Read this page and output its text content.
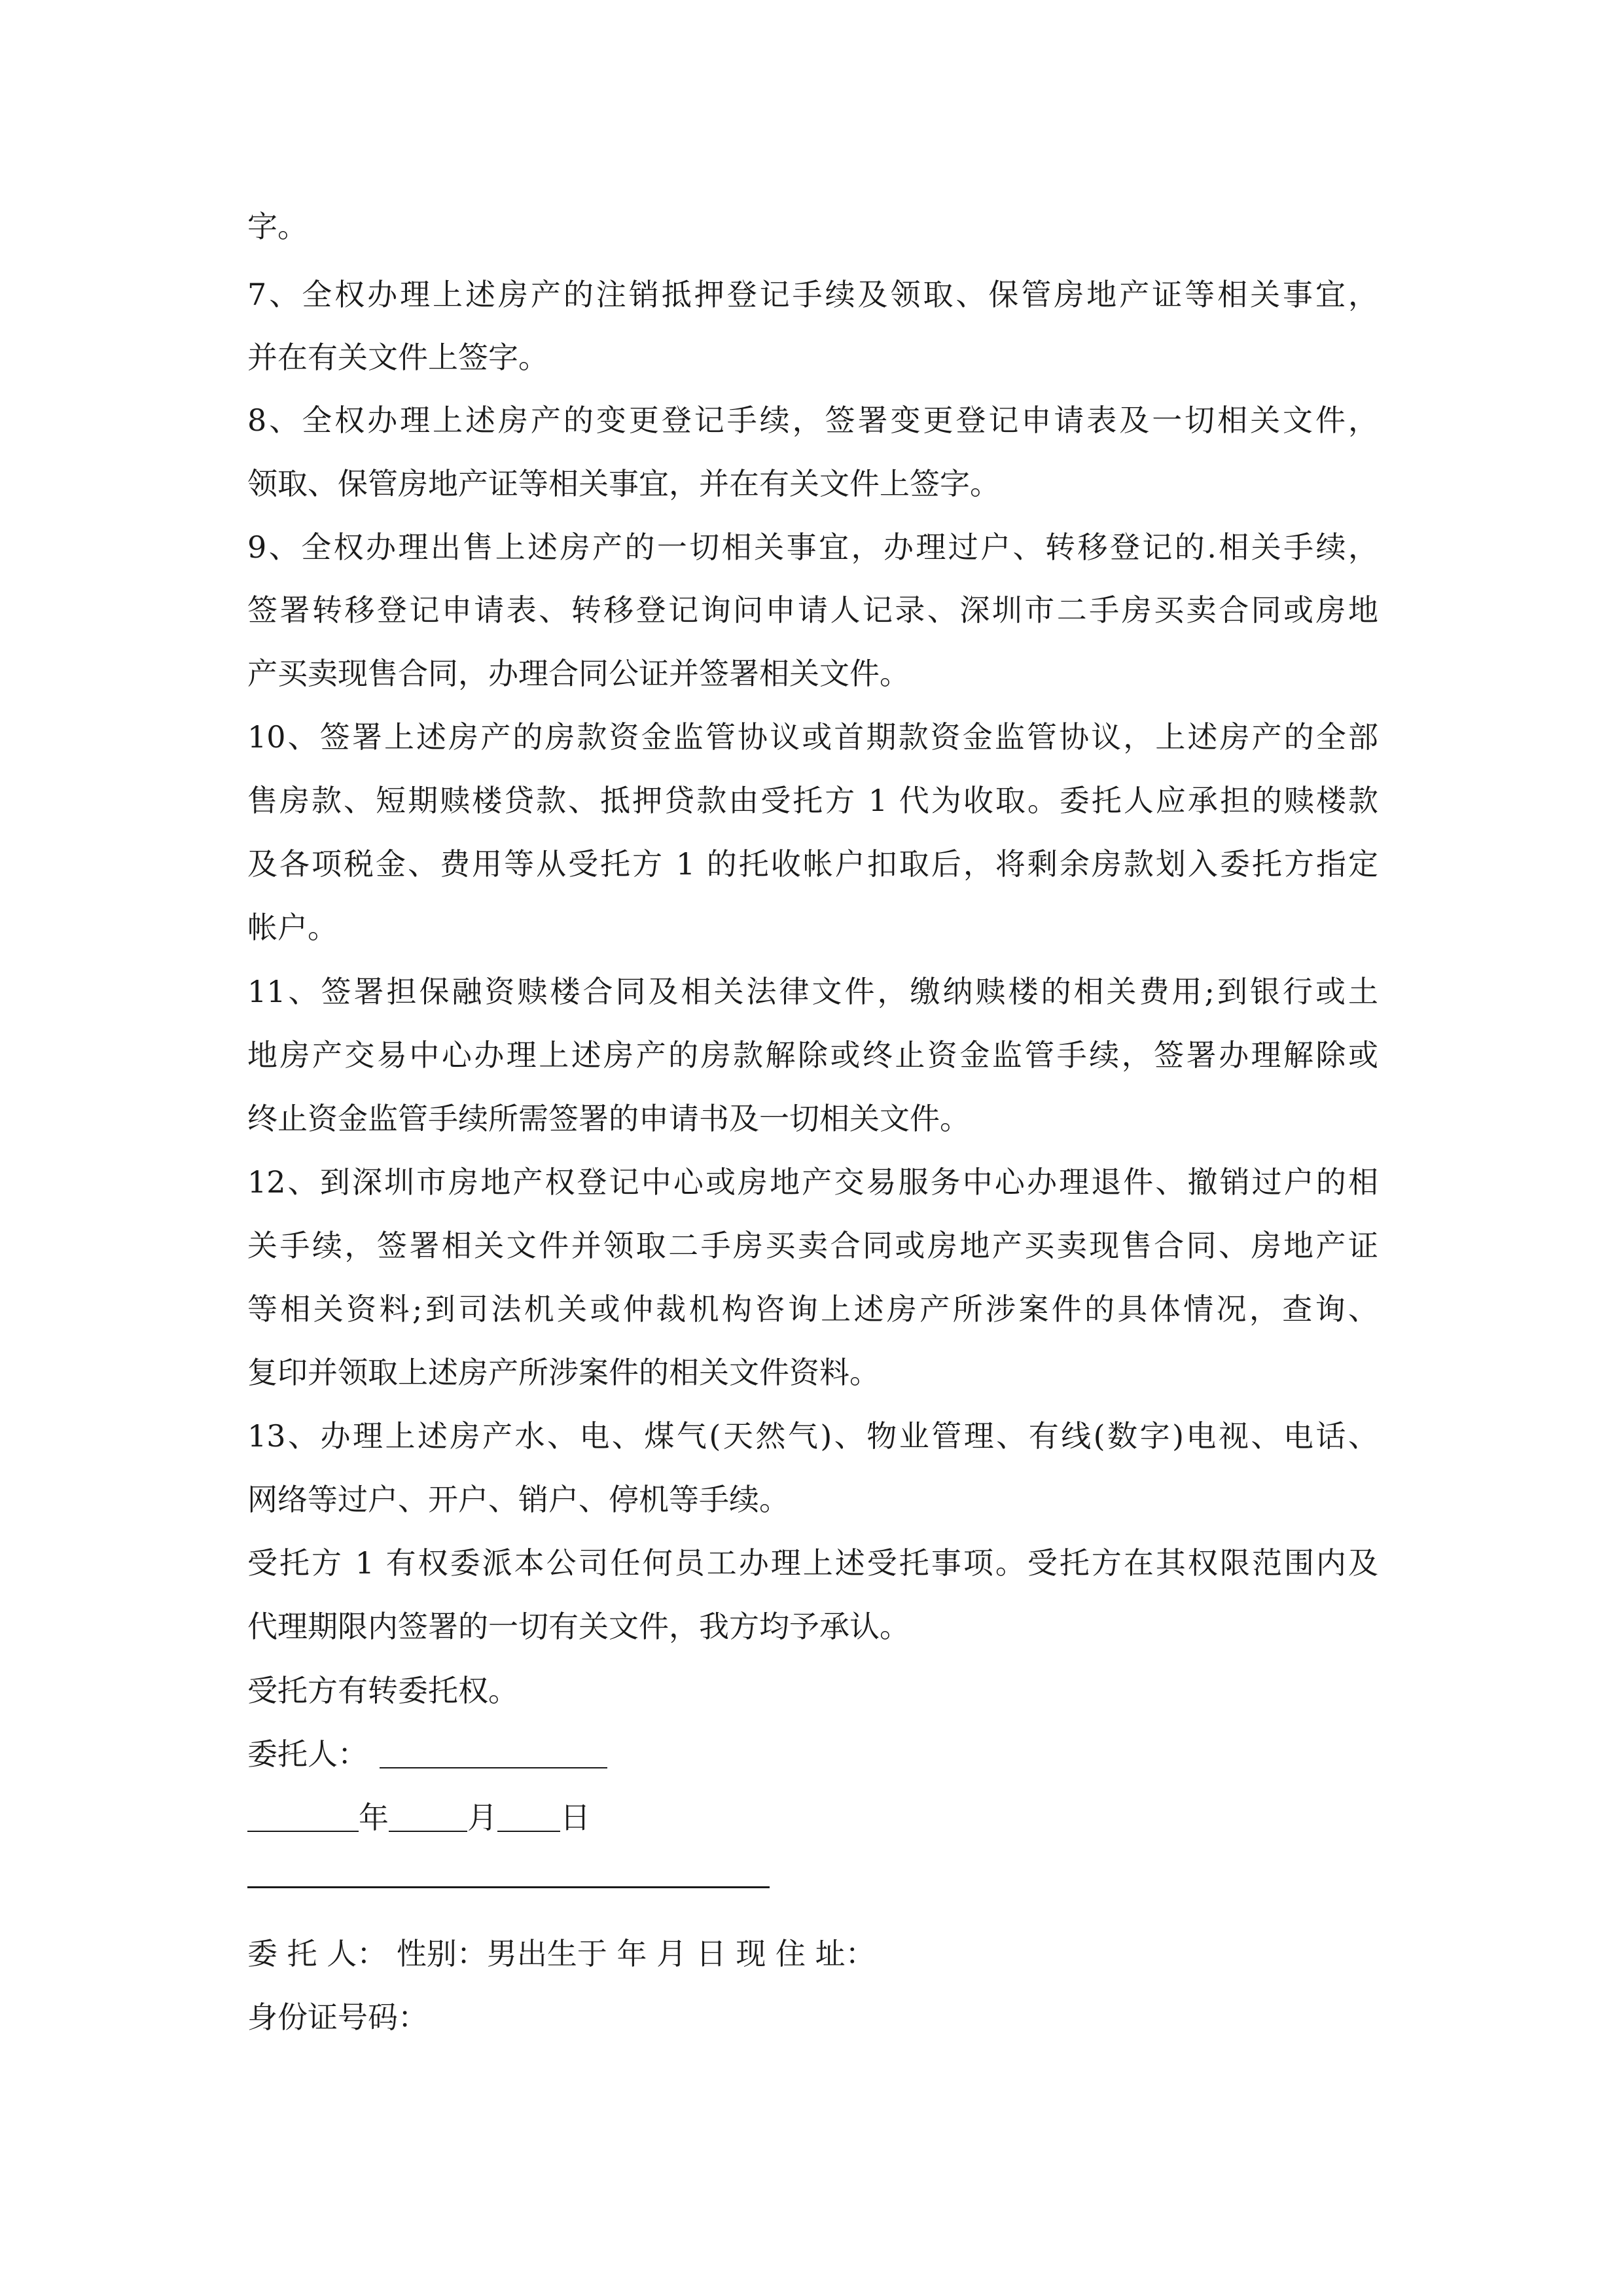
字。

7、全权办理上述房产的注销抵押登记手续及领取、保管房地产证等相关事宜，

并在有关文件上签字。

8、全权办理上述房产的变更登记手续，签署变更登记申请表及一切相关文件，

领取、保管房地产证等相关事宜，并在有关文件上签字。

9、全权办理出售上述房产的一切相关事宜，办理过户、转移登记的.相关手续，

签署转移登记申请表、转移登记询问申请人记录、深圳市二手房买卖合同或房地

产买卖现售合同，办理合同公证并签署相关文件。

10、签署上述房产的房款资金监管协议或首期款资金监管协议，上述房产的全部

售房款、短期赎楼贷款、抵押贷款由受托方 1 代为收取。委托人应承担的赎楼款

及各项税金、费用等从受托方 1 的托收帐户扣取后，将剩余房款划入委托方指定

帐户。

11、签署担保融资赎楼合同及相关法律文件，缴纳赎楼的相关费用;到银行或土

地房产交易中心办理上述房产的房款解除或终止资金监管手续，签署办理解除或

终止资金监管手续所需签署的申请书及一切相关文件。

12、到深圳市房地产权登记中心或房地产交易服务中心办理退件、撤销过户的相

关手续，签署相关文件并领取二手房买卖合同或房地产买卖现售合同、房地产证

等相关资料;到司法机关或仲裁机构咨询上述房产所涉案件的具体情况，查询、

复印并领取上述房产所涉案件的相关文件资料。

13、办理上述房产水、电、煤气(天然气)、物业管理、有线(数字)电视、电话、

网络等过户、开户、销户、停机等手续。

受托方 1 有权委派本公司任何员工办理上述受托事项。受托方在其权限范围内及

代理期限内签署的一切有关文件，我方均予承认。

受托方有转委托权。

委托人：
年	月 日

委 托 人： 性别：男出生于 年 月 日 现 住 址：

身份证号码：
